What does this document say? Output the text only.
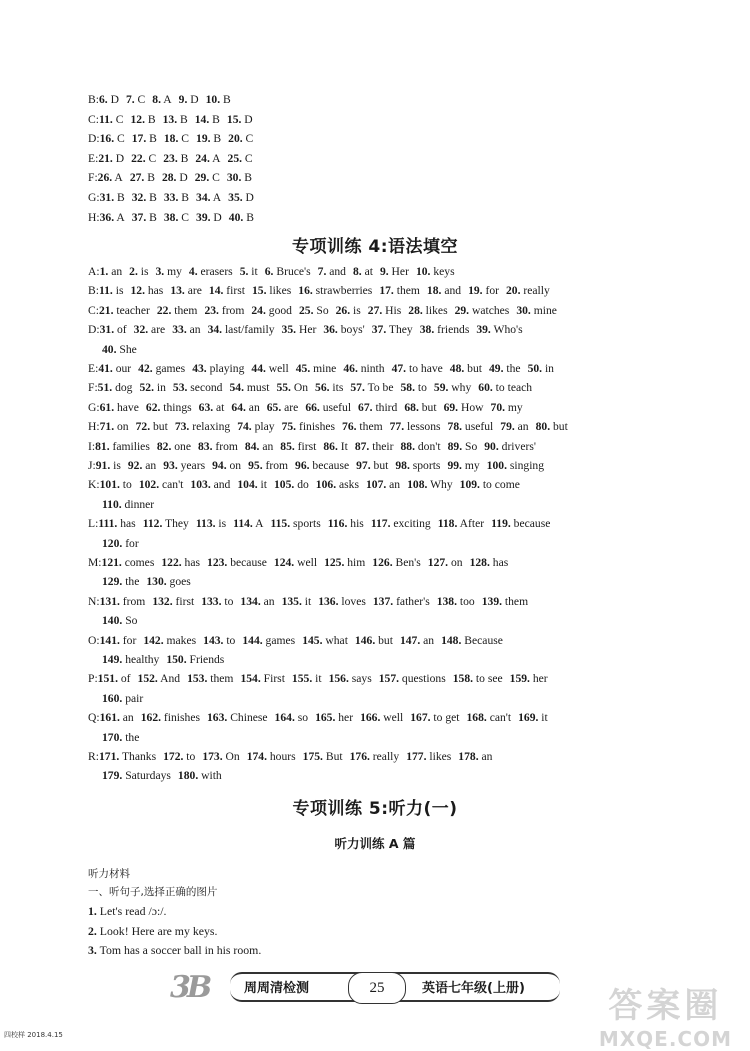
B:6. D 7. C 8. A 9. D 10. B
C:11. C 12. B 13. B 14. B 15. D
D:16. C 17. B 18. C 19. B 20. C
E:21. D 22. C 23. B 24. A 25. C
F:26. A 27. B 28. D 29. C 30. B
G:31. B 32. B 33. B 34. A 35. D
H:36. A 37. B 38. C 39. D 40. B
专项训练 4:语法填空
A:1. an 2. is 3. my 4. erasers 5. it 6. Bruce's 7. and 8. at 9. Her 10. keys
B:11. is 12. has 13. are 14. first 15. likes 16. strawberries 17. them 18. and 19. for 20. really
C:21. teacher 22. them 23. from 24. good 25. So 26. is 27. His 28. likes 29. watches 30. mine
D:31. of 32. are 33. an 34. last/family 35. Her 36. boys' 37. They 38. friends 39. Who's
40. She
E:41. our 42. games 43. playing 44. well 45. mine 46. ninth 47. to have 48. but 49. the 50. in
F:51. dog 52. in 53. second 54. must 55. On 56. its 57. To be 58. to 59. why 60. to teach
G:61. have 62. things 63. at 64. an 65. are 66. useful 67. third 68. but 69. How 70. my
H:71. on 72. but 73. relaxing 74. play 75. finishes 76. them 77. lessons 78. useful 79. an 80. but
I:81. families 82. one 83. from 84. an 85. first 86. It 87. their 88. don't 89. So 90. drivers'
J:91. is 92. an 93. years 94. on 95. from 96. because 97. but 98. sports 99. my 100. singing
K:101. to 102. can't 103. and 104. it 105. do 106. asks 107. an 108. Why 109. to come
110. dinner
L:111. has 112. They 113. is 114. A 115. sports 116. his 117. exciting 118. After 119. because
120. for
M:121. comes 122. has 123. because 124. well 125. him 126. Ben's 127. on 128. has
129. the 130. goes
N:131. from 132. first 133. to 134. an 135. it 136. loves 137. father's 138. too 139. them
140. So
O:141. for 142. makes 143. to 144. games 145. what 146. but 147. an 148. Because
149. healthy 150. Friends
P:151. of 152. And 153. them 154. First 155. it 156. says 157. questions 158. to see 159. her
160. pair
Q:161. an 162. finishes 163. Chinese 164. so 165. her 166. well 167. to get 168. can't 169. it
170. the
R:171. Thanks 172. to 173. On 174. hours 175. But 176. really 177. likes 178. an
179. Saturdays 180. with
专项训练 5:听力(一)
听力训练 A 篇
听力材料
一、听句子,选择正确的图片
1. Let's read /ɔ:/.
2. Look! Here are my keys.
3. Tom has a soccer ball in his room.
3B	周周清检测	25	英语七年级(上册)
四校样 2018.4.15
答案圈
MXQE.COM
